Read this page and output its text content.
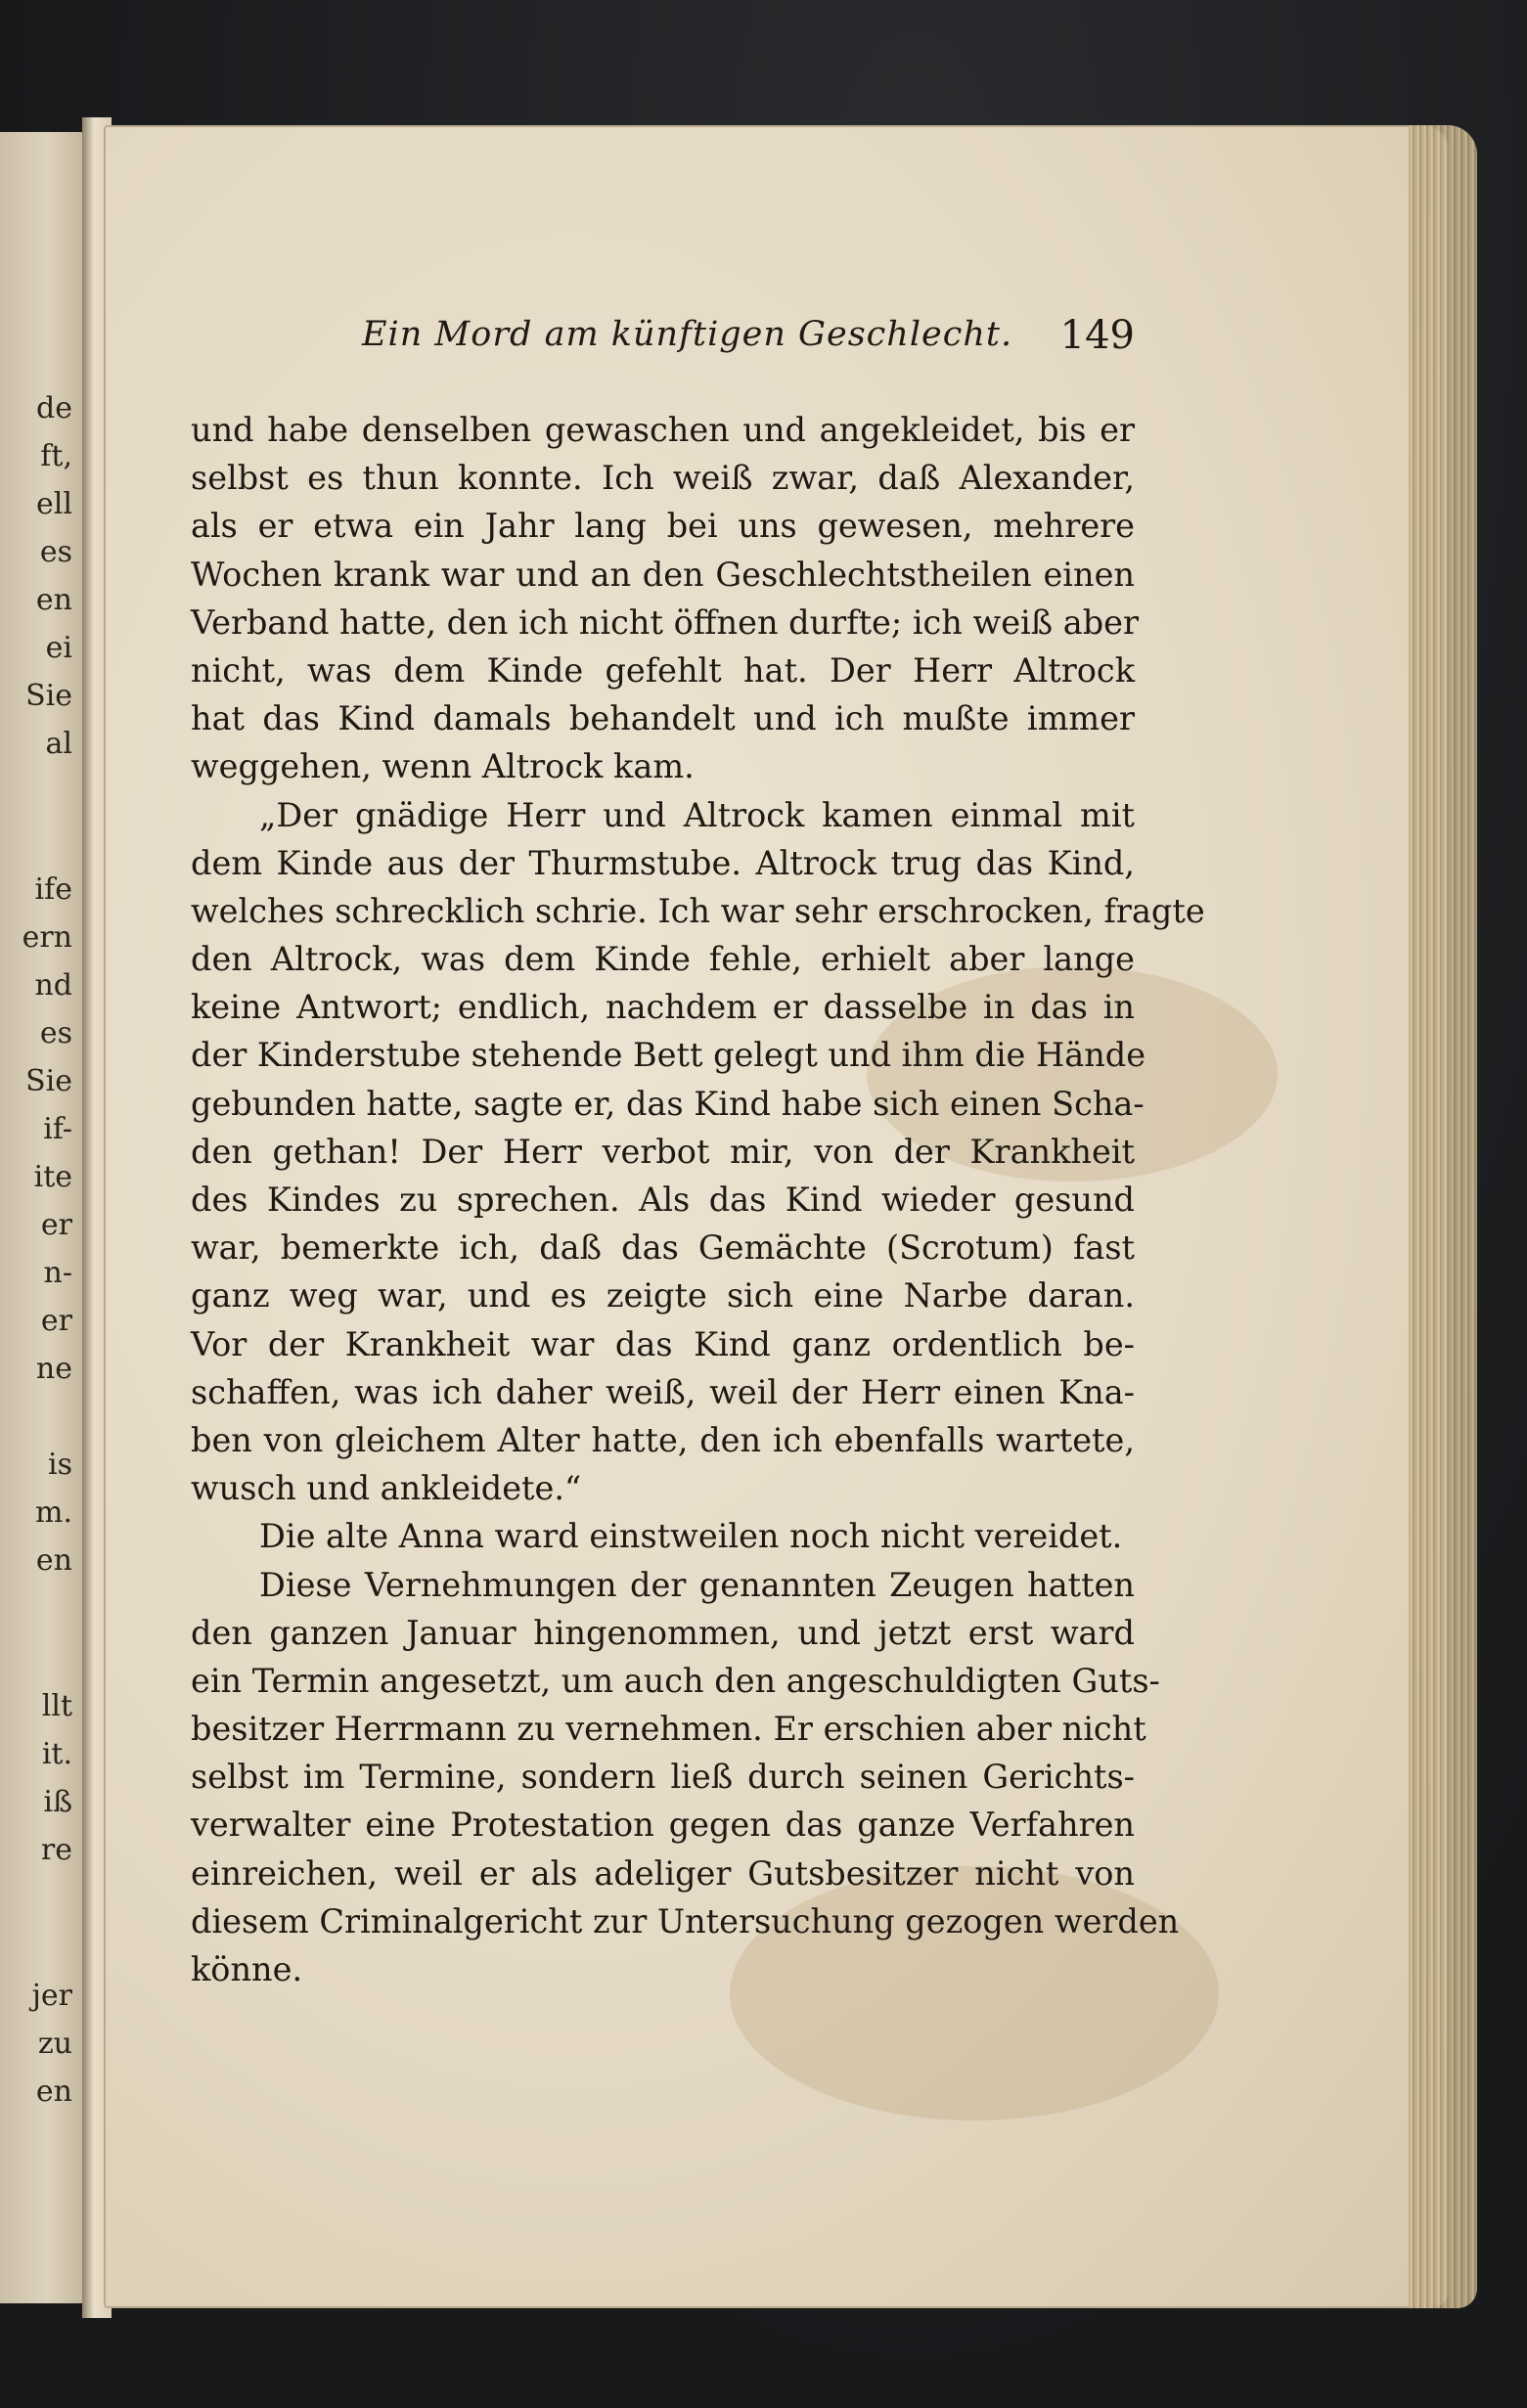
de
ft,
ell
es
en
ei
Sie
al
ife
ern
nd
es
Sie
if-
ite
er
n-
er
ne
is
m.
en
llt
it.
iß
re
jer
zu
en
Ein Mord am künftigen Geschlecht. 149
und habe denselben gewaschen und angekleidet, bis er
selbst es thun konnte. Ich weiß zwar, daß Alexander,
als er etwa ein Jahr lang bei uns gewesen, mehrere
Wochen krank war und an den Geschlechtstheilen einen
Verband hatte, den ich nicht öffnen durfte; ich weiß aber
nicht, was dem Kinde gefehlt hat. Der Herr Altrock
hat das Kind damals behandelt und ich mußte immer
weggehen, wenn Altrock kam.
„Der gnädige Herr und Altrock kamen einmal mit
dem Kinde aus der Thurmstube. Altrock trug das Kind,
welches schrecklich schrie. Ich war sehr erschrocken, fragte
den Altrock, was dem Kinde fehle, erhielt aber lange
keine Antwort; endlich, nachdem er dasselbe in das in
der Kinderstube stehende Bett gelegt und ihm die Hände
gebunden hatte, sagte er, das Kind habe sich einen Scha-
den gethan! Der Herr verbot mir, von der Krankheit
des Kindes zu sprechen. Als das Kind wieder gesund
war, bemerkte ich, daß das Gemächte (Scrotum) fast
ganz weg war, und es zeigte sich eine Narbe daran.
Vor der Krankheit war das Kind ganz ordentlich be-
schaffen, was ich daher weiß, weil der Herr einen Kna-
ben von gleichem Alter hatte, den ich ebenfalls wartete,
wusch und ankleidete.“
Die alte Anna ward einstweilen noch nicht vereidet.
Diese Vernehmungen der genannten Zeugen hatten
den ganzen Januar hingenommen, und jetzt erst ward
ein Termin angesetzt, um auch den angeschuldigten Guts-
besitzer Herrmann zu vernehmen. Er erschien aber nicht
selbst im Termine, sondern ließ durch seinen Gerichts-
verwalter eine Protestation gegen das ganze Verfahren
einreichen, weil er als adeliger Gutsbesitzer nicht von
diesem Criminalgericht zur Untersuchung gezogen werden
könne.
